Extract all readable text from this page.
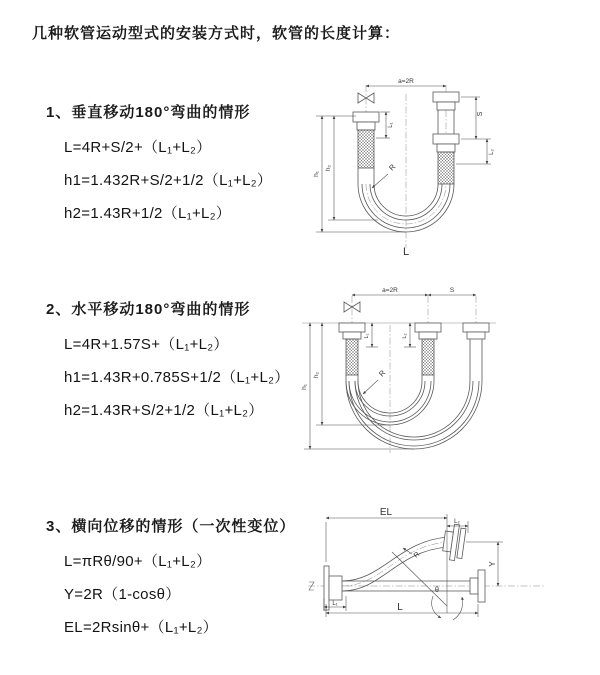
几种软管运动型式的安装方式时，软管的长度计算：
1、垂直移动180°弯曲的情形
L=4R+S/2+（L₁+L₂）
h1=1.432R+S/2+1/2（L₁+L₂）
h2=1.43R+1/2（L₁+L₂）
2、水平移动180°弯曲的情形
L=4R+1.57S+（L₁+L₂）
h1=1.43R+0.785S+1/2（L₁+L₂）
h2=1.43R+S/2+1/2（L₁+L₂）
3、横向位移的情形（一次性变位）
L=πRθ/90+（L₁+L₂）
Y=2R（1-cosθ）
EL=2Rsinθ+（L₁+L₂）
a=2R
S
L₂
L₁
h₁
h₂	R
L
a=2R	S
h₁
h₂
L₁	L₂
R
EL
L
Y
L₂
L₁
R
θ
